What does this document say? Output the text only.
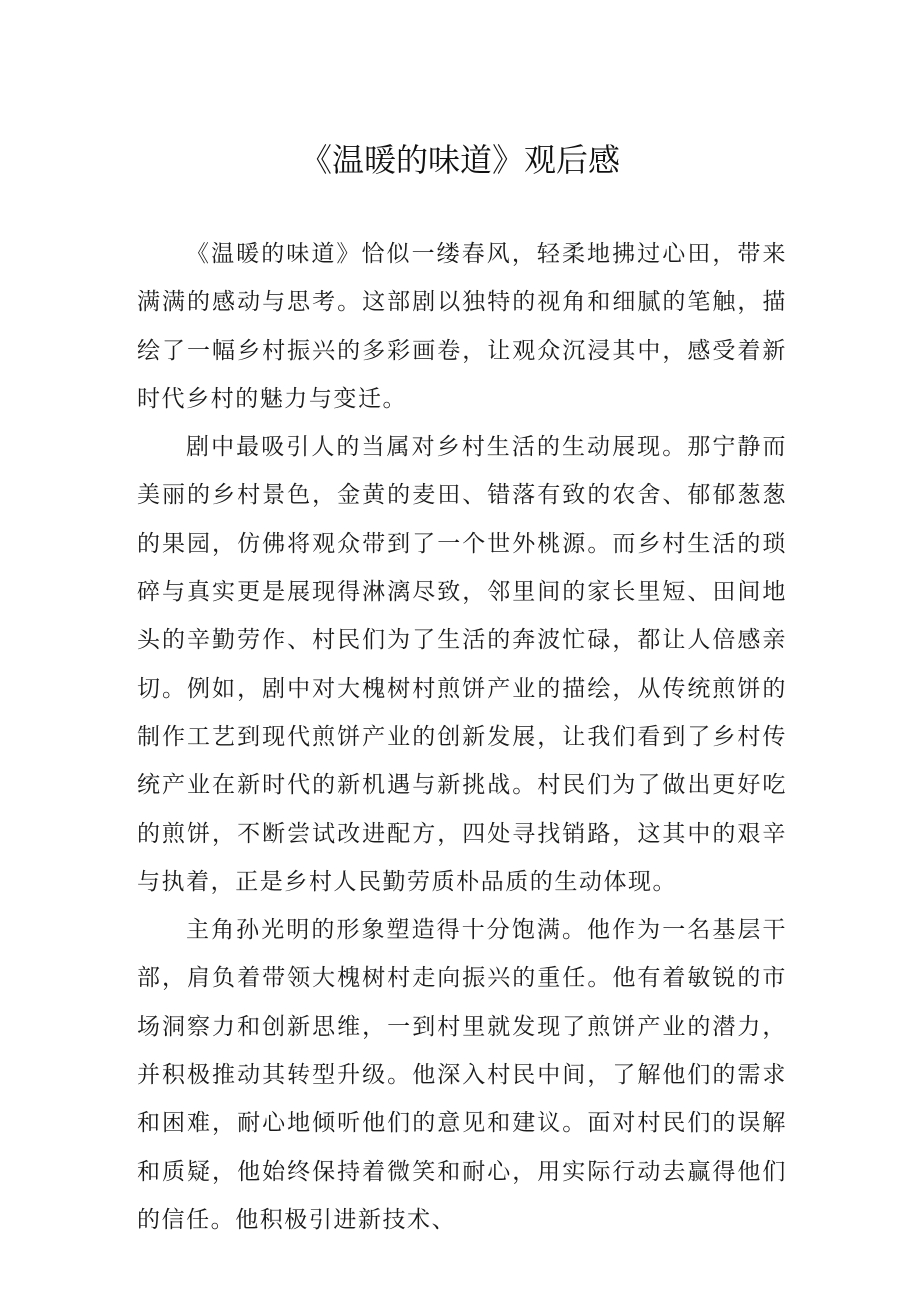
《温暖的味道》观后感

《温暖的味道》恰似一缕春风，轻柔地拂过心田，带来满满的感动与思考。这部剧以独特的视角和细腻的笔触，描绘了一幅乡村振兴的多彩画卷，让观众沉浸其中，感受着新时代乡村的魅力与变迁。

剧中最吸引人的当属对乡村生活的生动展现。那宁静而美丽的乡村景色，金黄的麦田、错落有致的农舍、郁郁葱葱的果园，仿佛将观众带到了一个世外桃源。而乡村生活的琐碎与真实更是展现得淋漓尽致，邻里间的家长里短、田间地头的辛勤劳作、村民们为了生活的奔波忙碌，都让人倍感亲切。例如，剧中对大槐树村煎饼产业的描绘，从传统煎饼的制作工艺到现代煎饼产业的创新发展，让我们看到了乡村传统产业在新时代的新机遇与新挑战。村民们为了做出更好吃的煎饼，不断尝试改进配方，四处寻找销路，这其中的艰辛与执着，正是乡村人民勤劳质朴品质的生动体现。

主角孙光明的形象塑造得十分饱满。他作为一名基层干部，肩负着带领大槐树村走向振兴的重任。他有着敏锐的市场洞察力和创新思维，一到村里就发现了煎饼产业的潜力，并积极推动其转型升级。他深入村民中间，了解他们的需求和困难，耐心地倾听他们的意见和建议。面对村民们的误解和质疑，他始终保持着微笑和耐心，用实际行动去赢得他们的信任。他积极引进新技术、
